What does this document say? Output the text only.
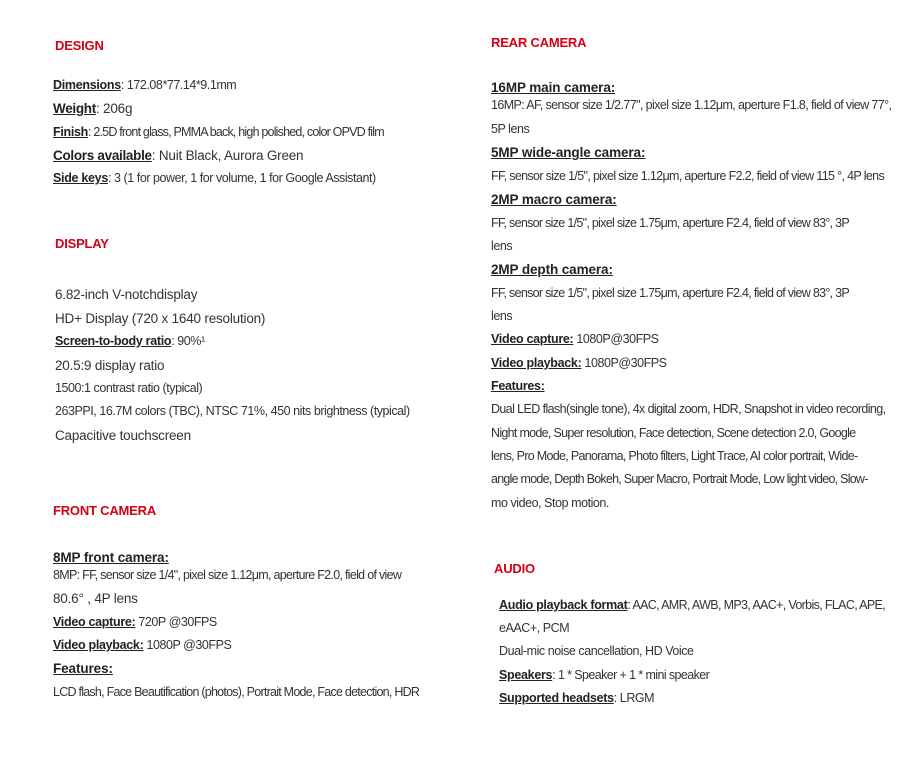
DESIGN
Dimensions: 172.08*77.14*9.1mm
Weight: 206g
Finish: 2.5D front glass, PMMA back, high polished, color OPVD film
Colors available: Nuit Black, Aurora Green
Side keys: 3 (1 for power, 1 for volume, 1 for Google Assistant)
DISPLAY
6.82-inch V-notchdisplay
HD+ Display (720 x 1640 resolution)
Screen-to-body ratio: 90%¹
20.5:9 display ratio
1500:1 contrast ratio (typical)
263PPI, 16.7M colors (TBC), NTSC 71%, 450 nits brightness (typical)
Capacitive touchscreen
FRONT CAMERA
8MP front camera:
8MP: FF, sensor size 1/4", pixel size 1.12μm, aperture F2.0, field of view
80.6° , 4P lens
Video capture: 720P @30FPS
Video playback: 1080P @30FPS
Features:
LCD flash, Face Beautification (photos), Portrait Mode, Face detection, HDR
REAR CAMERA
16MP main camera:
16MP: AF, sensor size 1/2.77", pixel size 1.12μm, aperture F1.8, field of view 77°,
5P lens
5MP wide-angle camera:
FF, sensor size 1/5", pixel size 1.12μm, aperture F2.2, field of view 115 °, 4P lens
2MP macro camera:
FF, sensor size 1/5", pixel size 1.75μm, aperture F2.4, field of view 83°, 3P
lens
2MP depth camera:
FF, sensor size 1/5", pixel size 1.75μm, aperture F2.4, field of view 83°, 3P
lens
Video capture: 1080P@30FPS
Video playback: 1080P@30FPS
Features:
Dual LED flash(single tone), 4x digital zoom, HDR, Snapshot in video recording,
Night mode, Super resolution, Face detection, Scene detection 2.0, Google
lens, Pro Mode, Panorama, Photo filters, Light Trace, AI color portrait, Wide-
angle mode, Depth Bokeh, Super Macro, Portrait Mode, Low light video, Slow-
mo video, Stop motion.
AUDIO
Audio playback format: AAC, AMR, AWB, MP3, AAC+, Vorbis, FLAC, APE,
eAAC+, PCM
Dual-mic noise cancellation, HD Voice
Speakers: 1 * Speaker + 1 * mini speaker
Supported headsets: LRGM
